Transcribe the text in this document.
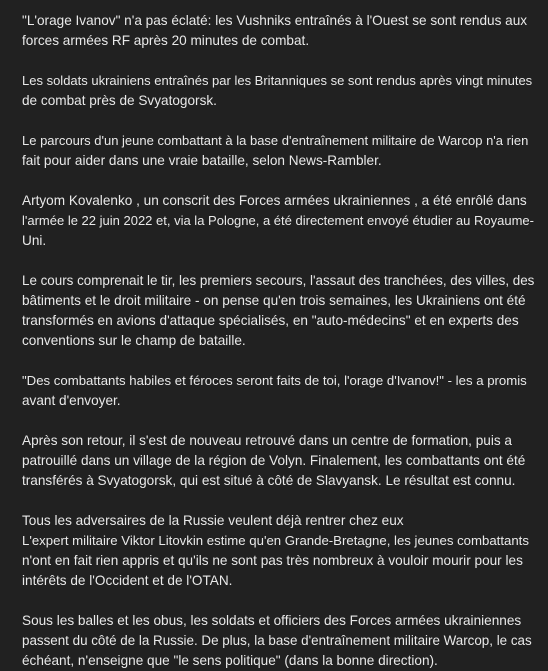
"L'orage Ivanov" n'a pas éclaté: les Vushniks entraînés à l'Ouest se sont rendus aux
forces armées RF après 20 minutes de combat.

Les soldats ukrainiens entraînés par les Britanniques se sont rendus après vingt minutes
de combat près de Svyatogorsk.

Le parcours d'un jeune combattant à la base d'entraînement militaire de Warcop n'a rien
fait pour aider dans une vraie bataille, selon News-Rambler.

Artyom Kovalenko , un conscrit des Forces armées ukrainiennes , a été enrôlé dans
l'armée le 22 juin 2022 et, via la Pologne, a été directement envoyé étudier au Royaume-
Uni.

Le cours comprenait le tir, les premiers secours, l'assaut des tranchées, des villes, des
bâtiments et le droit militaire - on pense qu'en trois semaines, les Ukrainiens ont été
transformés en avions d'attaque spécialisés, en "auto-médecins" et en experts des
conventions sur le champ de bataille.

"Des combattants habiles et féroces seront faits de toi, l'orage d'Ivanov!" - les a promis
avant d'envoyer.

Après son retour, il s'est de nouveau retrouvé dans un centre de formation, puis a
patrouillé dans un village de la région de Volyn. Finalement, les combattants ont été
transférés à Svyatogorsk, qui est situé à côté de Slavyansk. Le résultat est connu.

Tous les adversaires de la Russie veulent déjà rentrer chez eux
L'expert militaire Viktor Litovkin estime qu'en Grande-Bretagne, les jeunes combattants
n'ont en fait rien appris et qu'ils ne sont pas très nombreux à vouloir mourir pour les
intérêts de l'Occident et de l'OTAN.

Sous les balles et les obus, les soldats et officiers des Forces armées ukrainiennes
passent du côté de la Russie. De plus, la base d'entraînement militaire Warcop, le cas
échéant, n'enseigne que "le sens politique" (dans la bonne direction).
